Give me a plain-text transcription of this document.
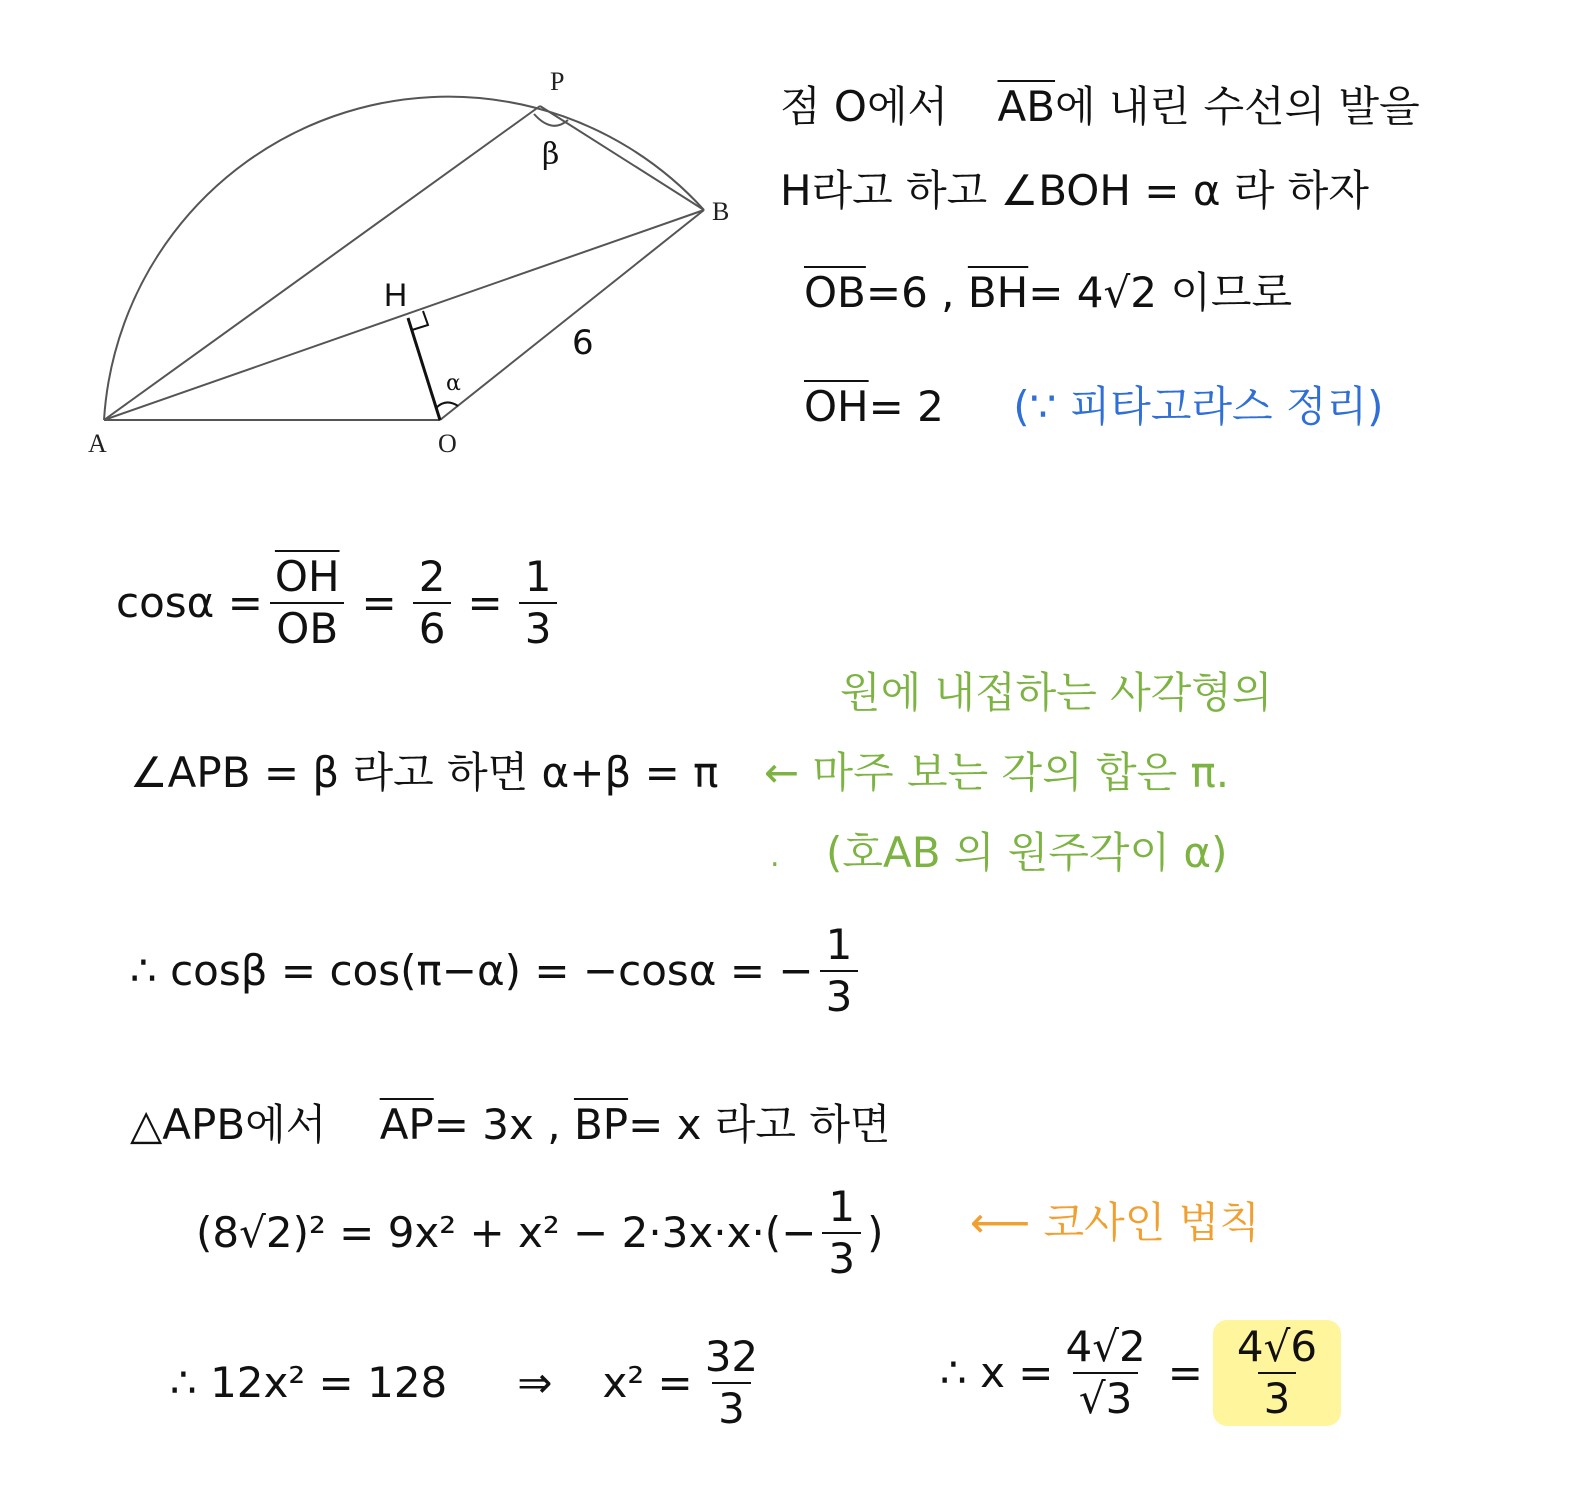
P
B
A	O
H
β
α
6
점 O에서 $\overline{AB}$에 내린 수선의 발을
H라고 하고 ∠BOH = α 라 하자
$\overline{OB}=6$ , $\overline{BH}= 4√2$ 이므로
$\overline{OH}= 2$ (∵ 피타고라스 정리)
$\cos\alpha = \frac{\overline{OH}}{OB} = \frac{2}{6} = \frac{1}{3}$
원에 내접하는 사각형의
∠APB = β 라고 하면 α+β = π ← 마주 보는 각의 합은 π.
. (호AB 의 원주각이 α)
∴ cosβ = cos(π−α) = −cosα = − $\frac{1}{3}$
△APB에서 $\overline{AP}= 3x$ , $\overline{BP}= x$ 라고 하면
$(8√2)^2 = 9x^2 + x^2 - 2\cdot 3x\cdot x\cdot(- \frac{1}{3}$ ) ⟵ 코사인 법칙
∴ 12x² = 128 ⇒ $x^2 = \frac{32}{3}$	∴ $x = \frac{4√2}{√3} = \frac{4√6}{3}$
